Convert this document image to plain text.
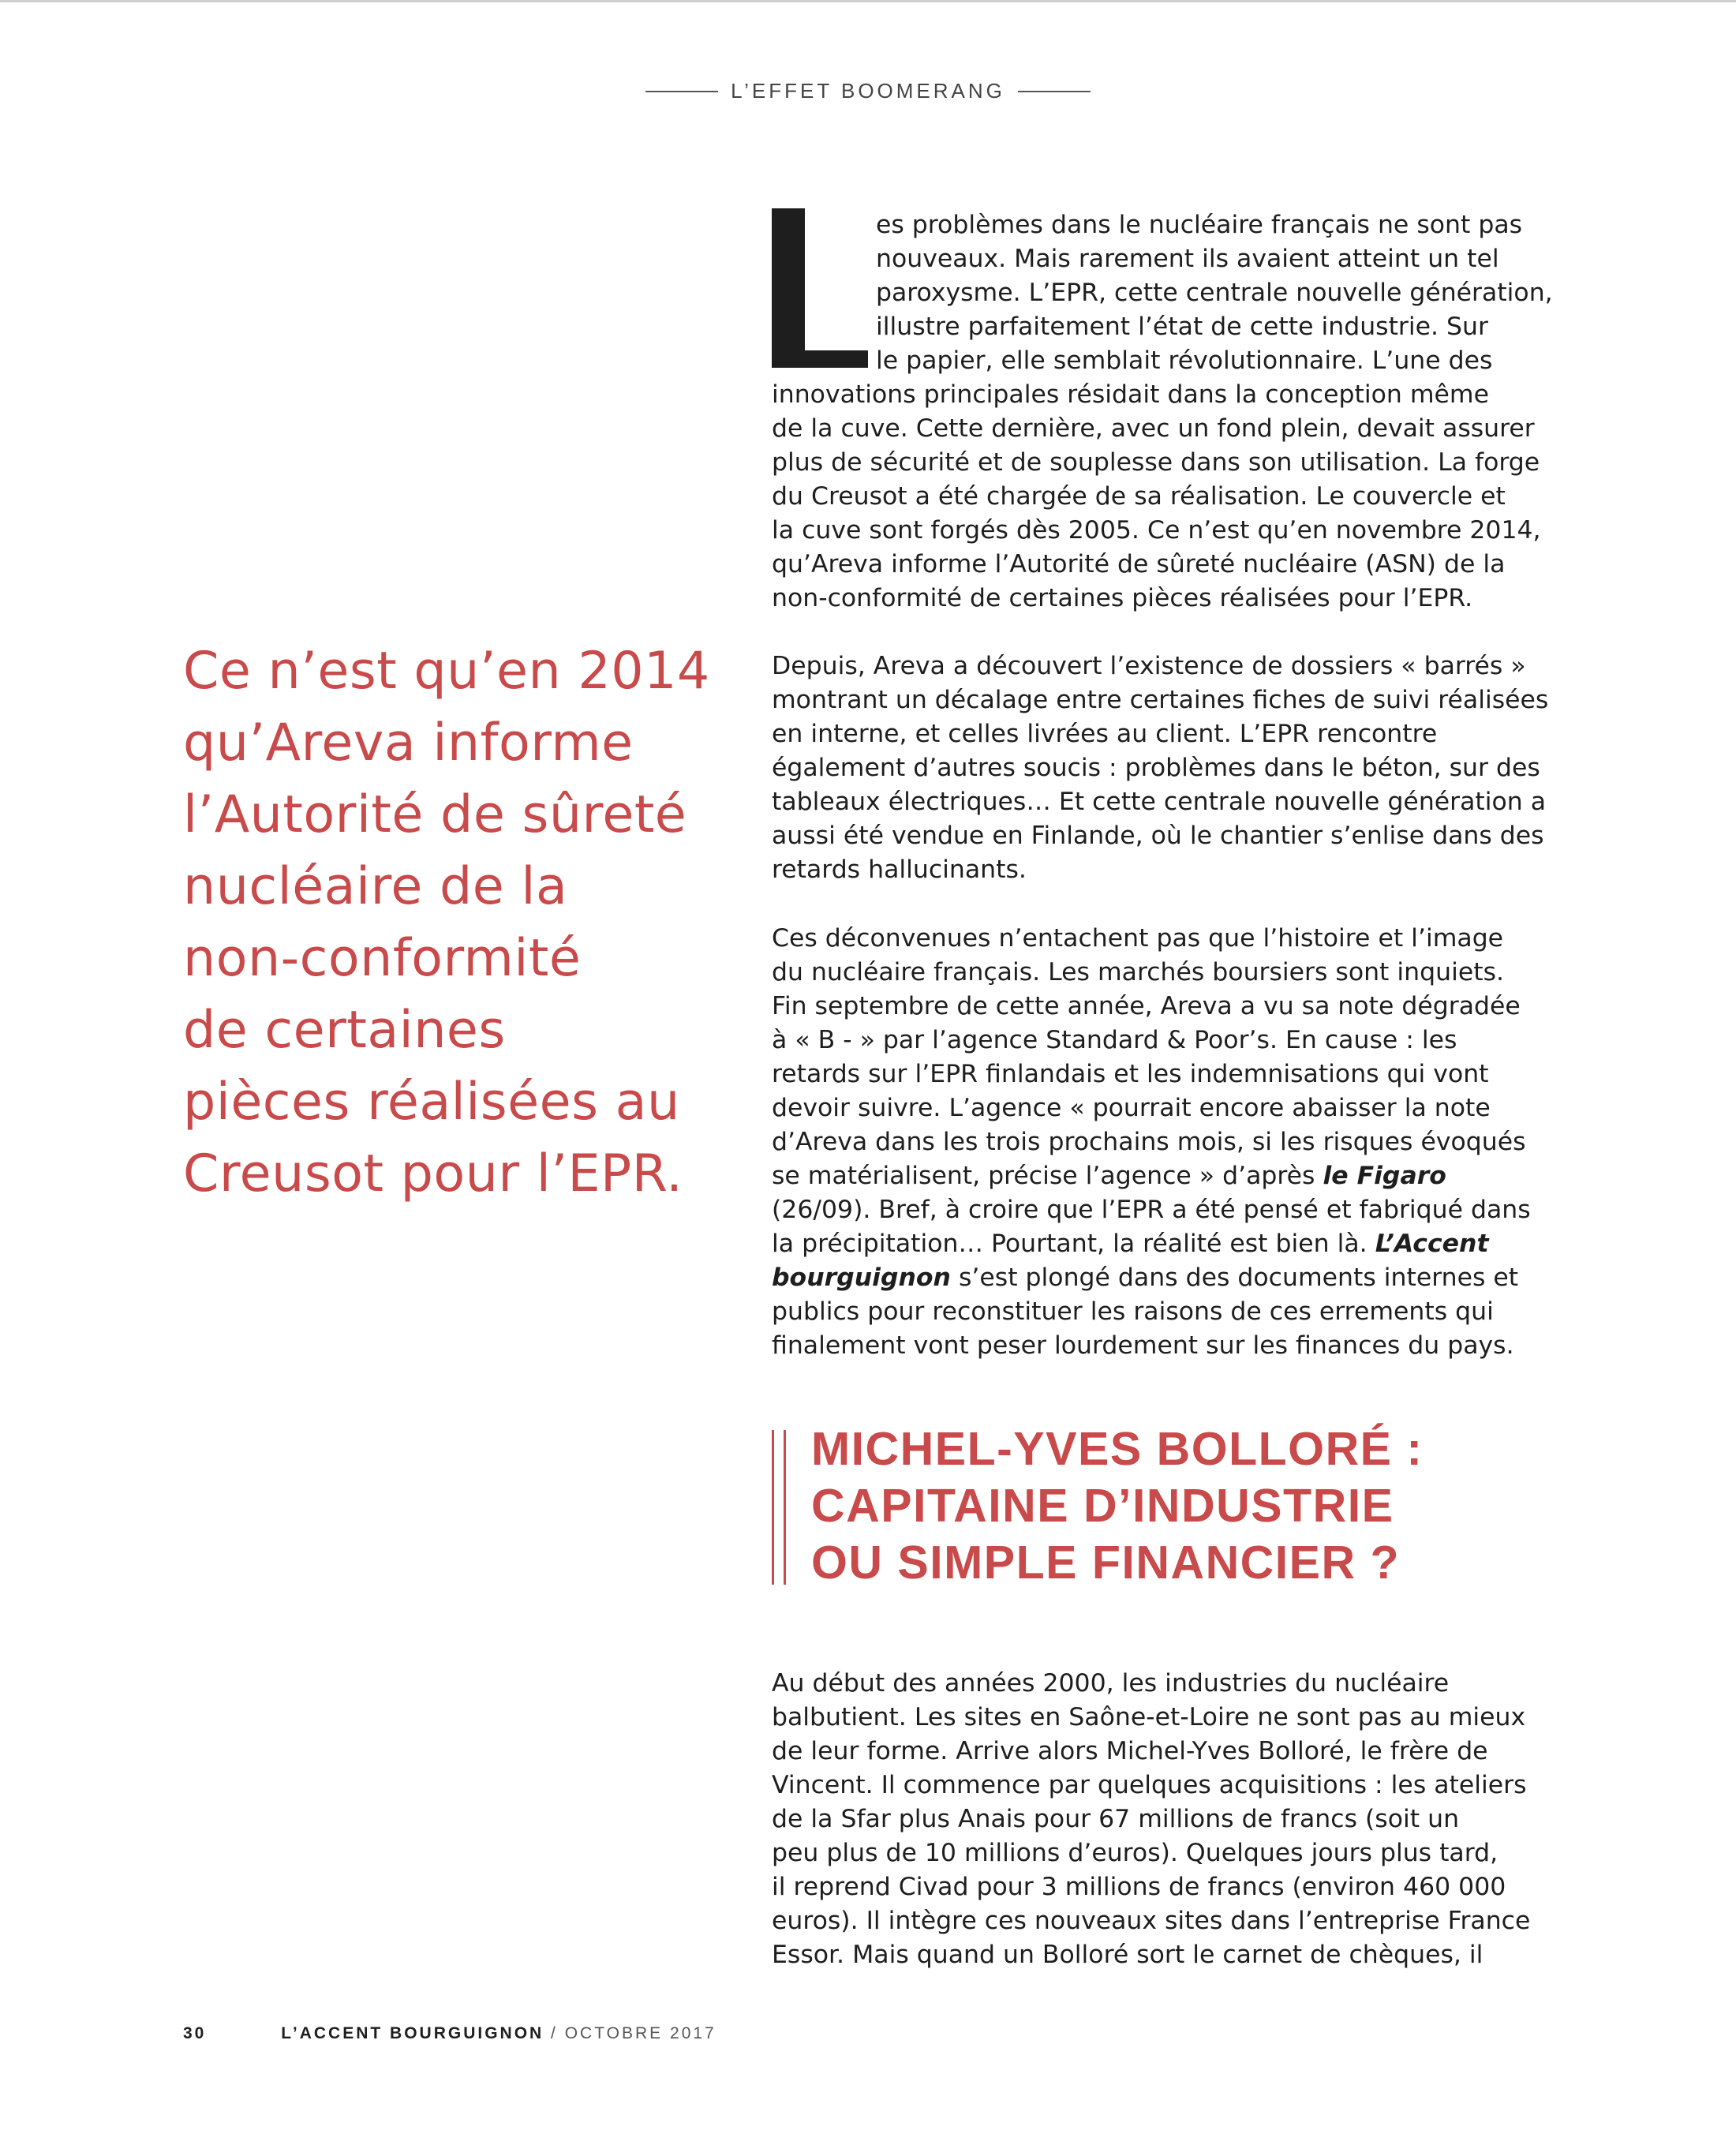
L’EFFET BOOMERANG
Ce n’est qu’en 2014
qu’Areva informe
l’Autorité de sûreté
nucléaire de la
non-conformité
de certaines
pièces réalisées au
Creusot pour l’EPR.
es problèmes dans le nucléaire français ne sont pas
nouveaux. Mais rarement ils avaient atteint un tel
paroxysme. L’EPR, cette centrale nouvelle génération,
illustre parfaitement l’état de cette industrie. Sur
le papier, elle semblait révolutionnaire. L’une des
innovations principales résidait dans la conception même
de la cuve. Cette dernière, avec un fond plein, devait assurer
plus de sécurité et de souplesse dans son utilisation. La forge
du Creusot a été chargée de sa réalisation. Le couvercle et
la cuve sont forgés dès 2005. Ce n’est qu’en novembre 2014,
qu’Areva informe l’Autorité de sûreté nucléaire (ASN) de la
non-conformité de certaines pièces réalisées pour l’EPR.
Depuis, Areva a découvert l’existence de dossiers « barrés »
montrant un décalage entre certaines fiches de suivi réalisées
en interne, et celles livrées au client. L’EPR rencontre
également d’autres soucis : problèmes dans le béton, sur des
tableaux électriques… Et cette centrale nouvelle génération a
aussi été vendue en Finlande, où le chantier s’enlise dans des
retards hallucinants.
Ces déconvenues n’entachent pas que l’histoire et l’image
du nucléaire français. Les marchés boursiers sont inquiets.
Fin septembre de cette année, Areva a vu sa note dégradée
à « B - » par l’agence Standard & Poor’s. En cause : les
retards sur l’EPR finlandais et les indemnisations qui vont
devoir suivre. L’agence « pourrait encore abaisser la note
d’Areva dans les trois prochains mois, si les risques évoqués
se matérialisent, précise l’agence » d’après le Figaro
(26/09). Bref, à croire que l’EPR a été pensé et fabriqué dans
la précipitation… Pourtant, la réalité est bien là. L’Accent
bourguignon s’est plongé dans des documents internes et
publics pour reconstituer les raisons de ces errements qui
finalement vont peser lourdement sur les finances du pays.
MICHEL-YVES BOLLORÉ :
CAPITAINE D’INDUSTRIE
OU SIMPLE FINANCIER ?
Au début des années 2000, les industries du nucléaire
balbutient. Les sites en Saône-et-Loire ne sont pas au mieux
de leur forme. Arrive alors Michel-Yves Bolloré, le frère de
Vincent. Il commence par quelques acquisitions : les ateliers
de la Sfar plus Anais pour 67 millions de francs (soit un
peu plus de 10 millions d’euros). Quelques jours plus tard,
il reprend Civad pour 3 millions de francs (environ 460 000
euros). Il intègre ces nouveaux sites dans l’entreprise France
Essor. Mais quand un Bolloré sort le carnet de chèques, il
30	L’ACCENT BOURGUIGNON / OCTOBRE 2017
